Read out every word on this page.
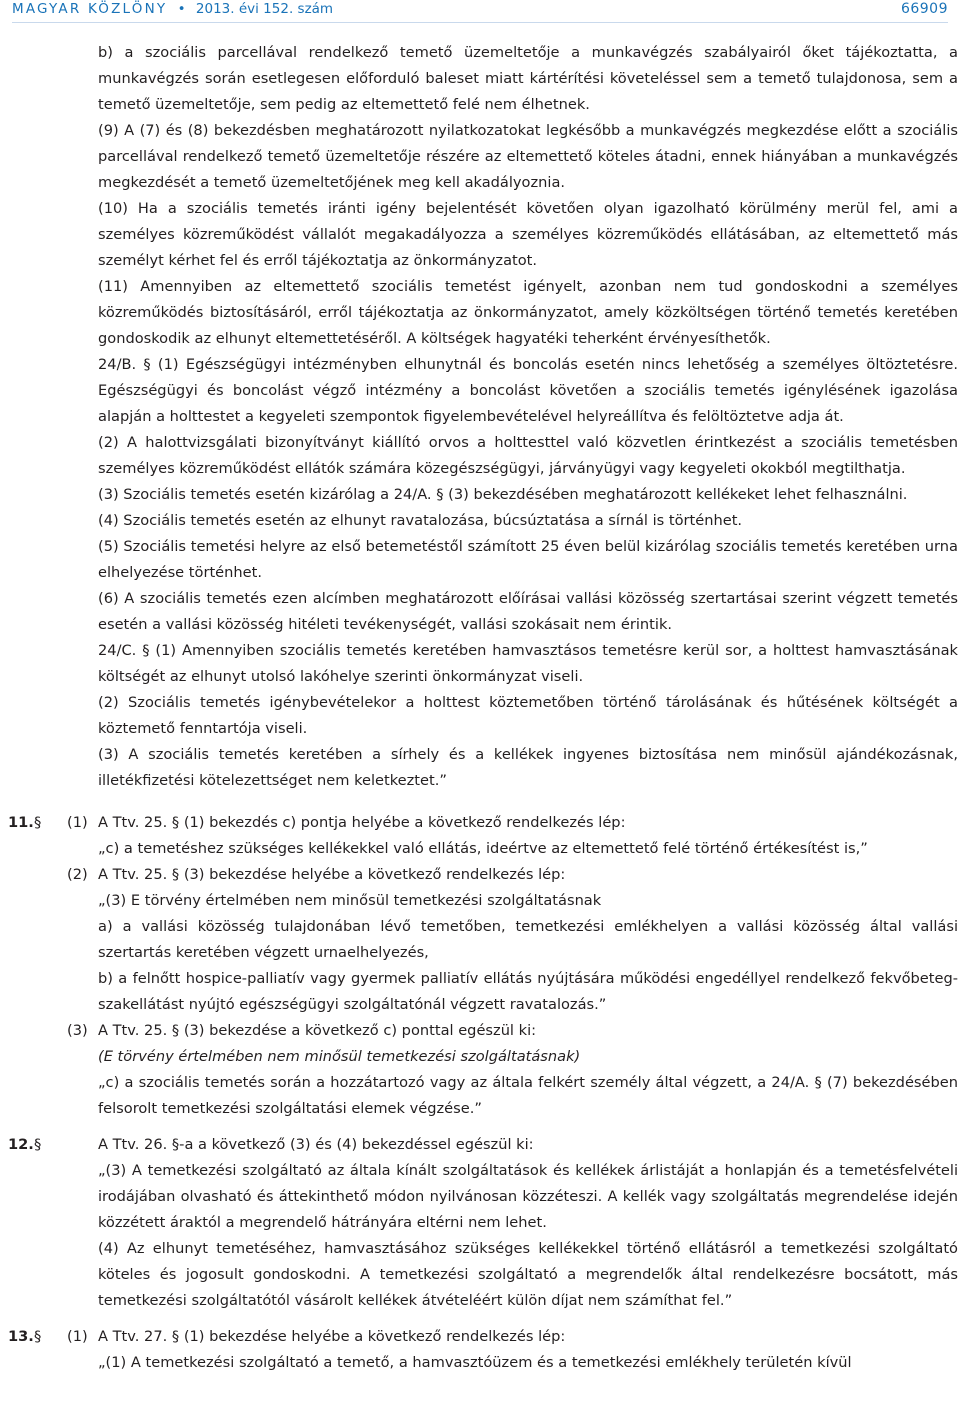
MAGYAR KÖZLÖNY • 2013. évi 152. szám	66909

b) a szociális parcellával rendelkező temető üzemeltetője a munkavégzés szabályairól őket tájékoztatta, a munkavégzés során esetlegesen előforduló baleset miatt kártérítési követeléssel sem a temető tulajdonosa, sem a temető üzemeltetője, sem pedig az eltemettető felé nem élhetnek.

(9) A (7) és (8) bekezdésben meghatározott nyilatkozatokat legkésőbb a munkavégzés megkezdése előtt a szociális parcellával rendelkező temető üzemeltetője részére az eltemettető köteles átadni, ennek hiányában a munkavégzés megkezdését a temető üzemeltetőjének meg kell akadályoznia.

(10) Ha a szociális temetés iránti igény bejelentését követően olyan igazolható körülmény merül fel, ami a személyes közreműködést vállalót megakadályozza a személyes közreműködés ellátásában, az eltemettető más személyt kérhet fel és erről tájékoztatja az önkormányzatot.

(11) Amennyiben az eltemettető szociális temetést igényelt, azonban nem tud gondoskodni a személyes közreműködés biztosításáról, erről tájékoztatja az önkormányzatot, amely közköltségen történő temetés keretében gondoskodik az elhunyt eltemettetéséről. A költségek hagyatéki teherként érvényesíthetők.

24/B. § (1) Egészségügyi intézményben elhunytnál és boncolás esetén nincs lehetőség a személyes öltöztetésre. Egészségügyi és boncolást végző intézmény a boncolást követően a szociális temetés igénylésének igazolása alapján a holttestet a kegyeleti szempontok figyelembevételével helyreállítva és felöltöztetve adja át.

(2) A halottvizsgálati bizonyítványt kiállító orvos a holttesttel való közvetlen érintkezést a szociális temetésben személyes közreműködést ellátók számára közegészségügyi, járványügyi vagy kegyeleti okokból megtilthatja.

(3) Szociális temetés esetén kizárólag a 24/A. § (3) bekezdésében meghatározott kellékeket lehet felhasználni.

(4) Szociális temetés esetén az elhunyt ravatalozása, búcsúztatása a sírnál is történhet.

(5) Szociális temetési helyre az első betemetéstől számított 25 éven belül kizárólag szociális temetés keretében urna elhelyezése történhet.

(6) A szociális temetés ezen alcímben meghatározott előírásai vallási közösség szertartásai szerint végzett temetés esetén a vallási közösség hitéleti tevékenységét, vallási szokásait nem érintik.

24/C. § (1) Amennyiben szociális temetés keretében hamvasztásos temetésre kerül sor, a holttest hamvasztásának költségét az elhunyt utolsó lakóhelye szerinti önkormányzat viseli.

(2) Szociális temetés igénybevételekor a holttest köztemetőben történő tárolásának és hűtésének költségét a köztemető fenntartója viseli.

(3) A szociális temetés keretében a sírhely és a kellékek ingyenes biztosítása nem minősül ajándékozásnak, illetékfizetési kötelezettséget nem keletkeztet.”

11. § (1) A Ttv. 25. § (1) bekezdés c) pontja helyébe a következő rendelkezés lép:

„c) a temetéshez szükséges kellékekkel való ellátás, ideértve az eltemettető felé történő értékesítést is,”

(2) A Ttv. 25. § (3) bekezdése helyébe a következő rendelkezés lép:

„(3) E törvény értelmében nem minősül temetkezési szolgáltatásnak

a) a vallási közösség tulajdonában lévő temetőben, temetkezési emlékhelyen a vallási közösség által vallási szertartás keretében végzett urnaelhelyezés,

b) a felnőtt hospice-palliatív vagy gyermek palliatív ellátás nyújtására működési engedéllyel rendelkező fekvőbeteg-szakellátást nyújtó egészségügyi szolgáltatónál végzett ravatalozás.”

(3) A Ttv. 25. § (3) bekezdése a következő c) ponttal egészül ki:

(E törvény értelmében nem minősül temetkezési szolgáltatásnak)

„c) a szociális temetés során a hozzátartozó vagy az általa felkért személy által végzett, a 24/A. § (7) bekezdésében felsorolt temetkezési szolgáltatási elemek végzése.”

12. §	A Ttv. 26. §-a a következő (3) és (4) bekezdéssel egészül ki:

„(3) A temetkezési szolgáltató az általa kínált szolgáltatások és kellékek árlistáját a honlapján és a temetésfelvételi irodájában olvasható és áttekinthető módon nyilvánosan közzéteszi. A kellék vagy szolgáltatás megrendelése idején közzétett áraktól a megrendelő hátrányára eltérni nem lehet.

(4) Az elhunyt temetéséhez, hamvasztásához szükséges kellékekkel történő ellátásról a temetkezési szolgáltató köteles és jogosult gondoskodni. A temetkezési szolgáltató a megrendelők által rendelkezésre bocsátott, más temetkezési szolgáltatótól vásárolt kellékek átvételéért külön díjat nem számíthat fel.”

13. § (1) A Ttv. 27. § (1) bekezdése helyébe a következő rendelkezés lép:

„(1) A temetkezési szolgáltató a temető, a hamvasztóüzem és a temetkezési emlékhely területén kívül
